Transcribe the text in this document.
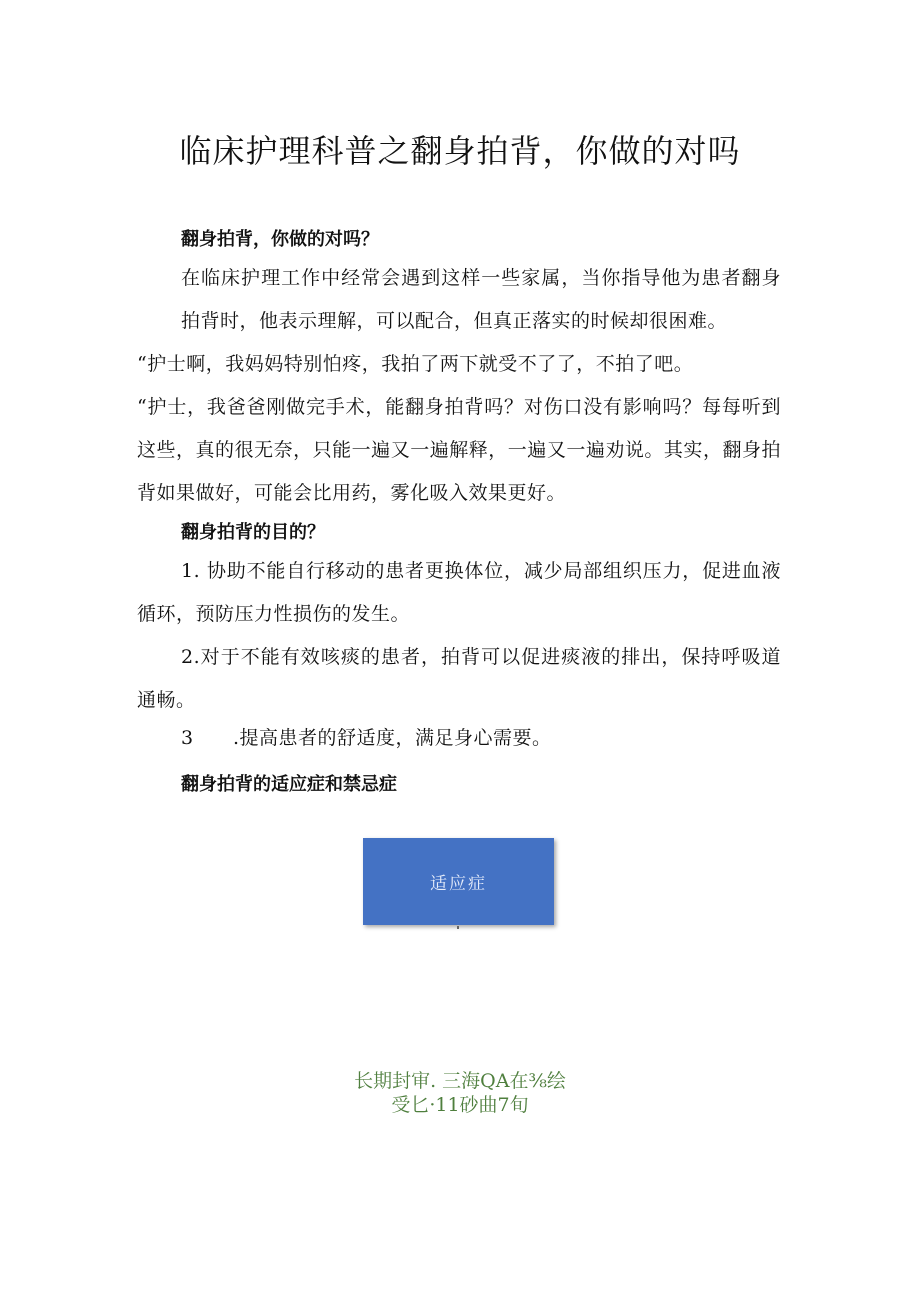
临床护理科普之翻身拍背，你做的对吗
翻身拍背，你做的对吗？

在临床护理工作中经常会遇到这样一些家属，当你指导他为患者翻身拍背时，他表示理解，可以配合，但真正落实的时候却很困难。

“护士啊，我妈妈特别怕疼，我拍了两下就受不了了，不拍了吧。

“护士，我爸爸刚做完手术，能翻身拍背吗？对伤口没有影响吗？每每听到这些，真的很无奈，只能一遍又一遍解释，一遍又一遍劝说。其实，翻身拍背如果做好，可能会比用药，雾化吸入效果更好。

翻身拍背的目的？

1. 协助不能自行移动的患者更换体位，减少局部组织压力，促进血液循环，预防压力性损伤的发生。

2.对于不能有效咳痰的患者，拍背可以促进痰液的排出，保持呼吸道通畅。

3 .提高患者的舒适度，满足身心需要。

翻身拍背的适应症和禁忌症
适应症

长期封审. 三海QA在⅜绘

受匕·11砂曲7旬
